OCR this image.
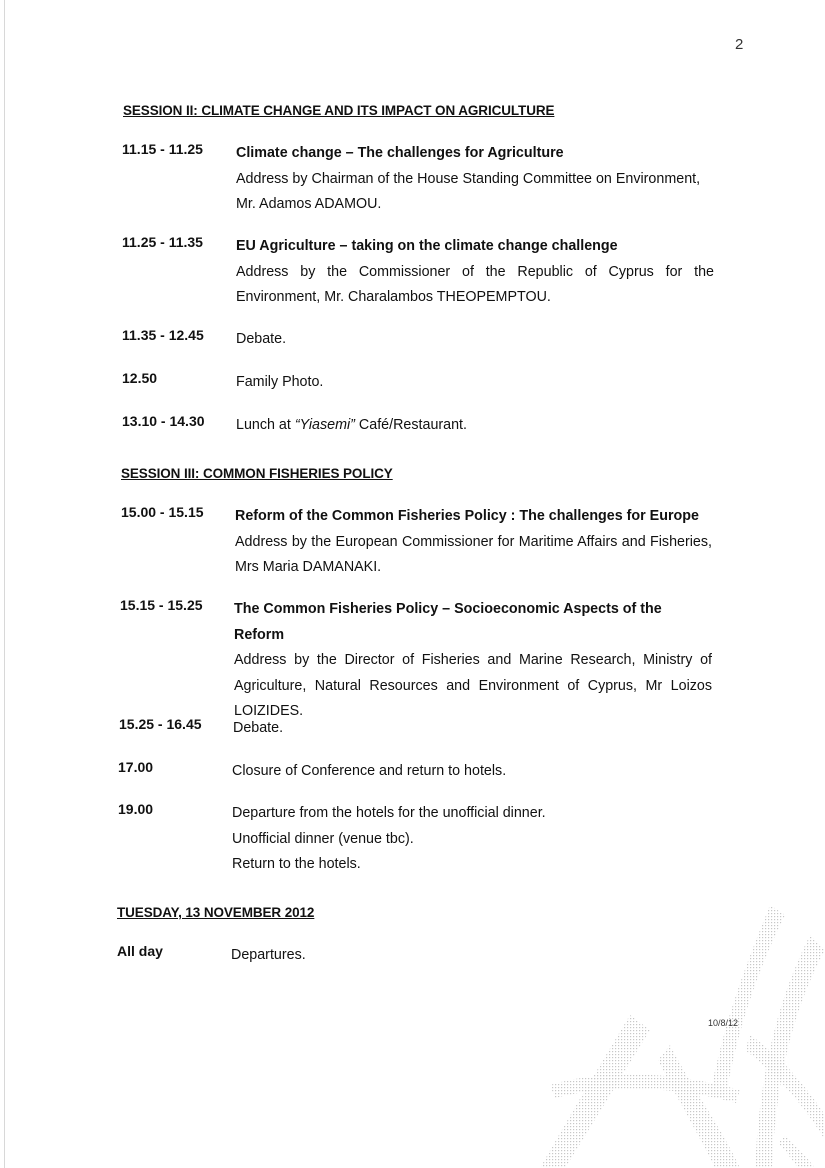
2
SESSION II: CLIMATE CHANGE AND ITS IMPACT ON AGRICULTURE
11.15 - 11.25 Climate change – The challenges for Agriculture
Address by Chairman of the House Standing Committee on Environment, Mr. Adamos ADAMOU.
11.25 - 11.35 EU Agriculture – taking on the climate change challenge
Address by the Commissioner of the Republic of Cyprus for the Environment, Mr. Charalambos THEOPEMPTOU.
11.35 - 12.45 Debate.
12.50	Family Photo.
13.10 - 14.30 Lunch at “Yiasemi” Café/Restaurant.
SESSION III: COMMON FISHERIES POLICY
15.00 - 15.15 Reform of the Common Fisheries Policy : The challenges for Europe
Address by the European Commissioner for Maritime Affairs and Fisheries, Mrs Maria DAMANAKI.
15.15 - 15.25 The Common Fisheries Policy – Socioeconomic Aspects of the Reform
Address by the Director of Fisheries and Marine Research, Ministry of Agriculture, Natural Resources and Environment of Cyprus, Mr Loizos LOIZIDES.
15.25 - 16.45 Debate.
17.00	Closure of Conference and return to hotels.
19.00	Departure from the hotels for the unofficial dinner.
Unofficial dinner (venue tbc).
Return to the hotels.
TUESDAY, 13 NOVEMBER 2012
All day	Departures.
10/8/12
